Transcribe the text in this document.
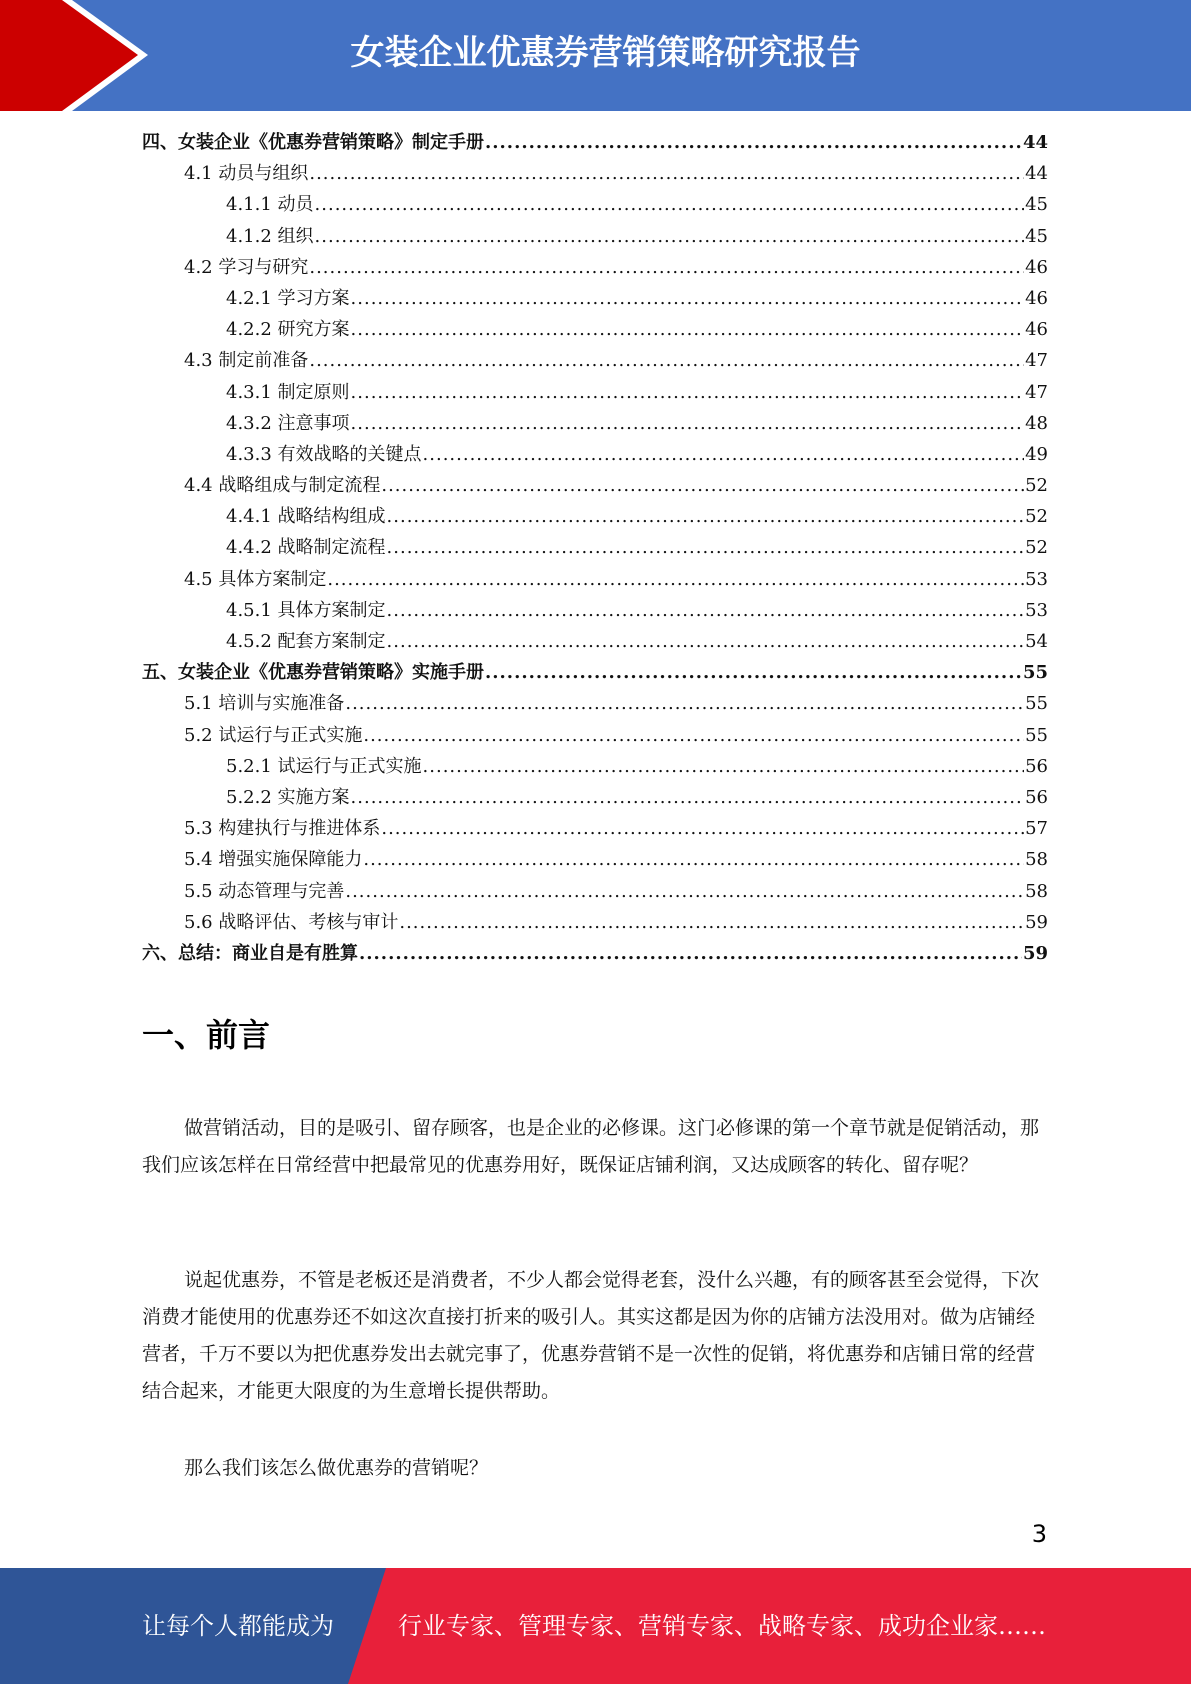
女装企业优惠券营销策略研究报告
四、女装企业《优惠券营销策略》制定手册 .....	44
4.1 动员与组织 .....	44
4.1.1 动员 .....	45
4.1.2 组织 .....	45
4.2 学习与研究 .....	46
4.2.1 学习方案 .....	46
4.2.2 研究方案 .....	46
4.3 制定前准备 .....	47
4.3.1 制定原则 .....	47
4.3.2 注意事项 .....	48
4.3.3 有效战略的关键点 .....	49
4.4 战略组成与制定流程 .....	52
4.4.1 战略结构组成 .....	52
4.4.2 战略制定流程 .....	52
4.5 具体方案制定 .....	53
4.5.1 具体方案制定 .....	53
4.5.2 配套方案制定 .....	54
五、女装企业《优惠券营销策略》实施手册 .....	55
5.1 培训与实施准备 .....	55
5.2 试运行与正式实施 .....	55
5.2.1 试运行与正式实施 .....	56
5.2.2 实施方案 .....	56
5.3 构建执行与推进体系 .....	57
5.4 增强实施保障能力 .....	58
5.5 动态管理与完善 .....	58
5.6 战略评估、考核与审计 .....	59
六、总结：商业自是有胜算 .....	59
一、前言

做营销活动，目的是吸引、留存顾客，也是企业的必修课。这门必修课的第一个章节就是促销活动，那我们应该怎样在日常经营中把最常见的优惠券用好，既保证店铺利润，又达成顾客的转化、留存呢？

说起优惠券，不管是老板还是消费者，不少人都会觉得老套，没什么兴趣，有的顾客甚至会觉得，下次消费才能使用的优惠券还不如这次直接打折来的吸引人。其实这都是因为你的店铺方法没用对。做为店铺经营者，千万不要以为把优惠券发出去就完事了，优惠券营销不是一次性的促销，将优惠券和店铺日常的经营结合起来，才能更大限度的为生意增长提供帮助。

那么我们该怎么做优惠券的营销呢？

3
让每个人都能成为	行业专家、管理专家、营销专家、战略专家、成功企业家……
